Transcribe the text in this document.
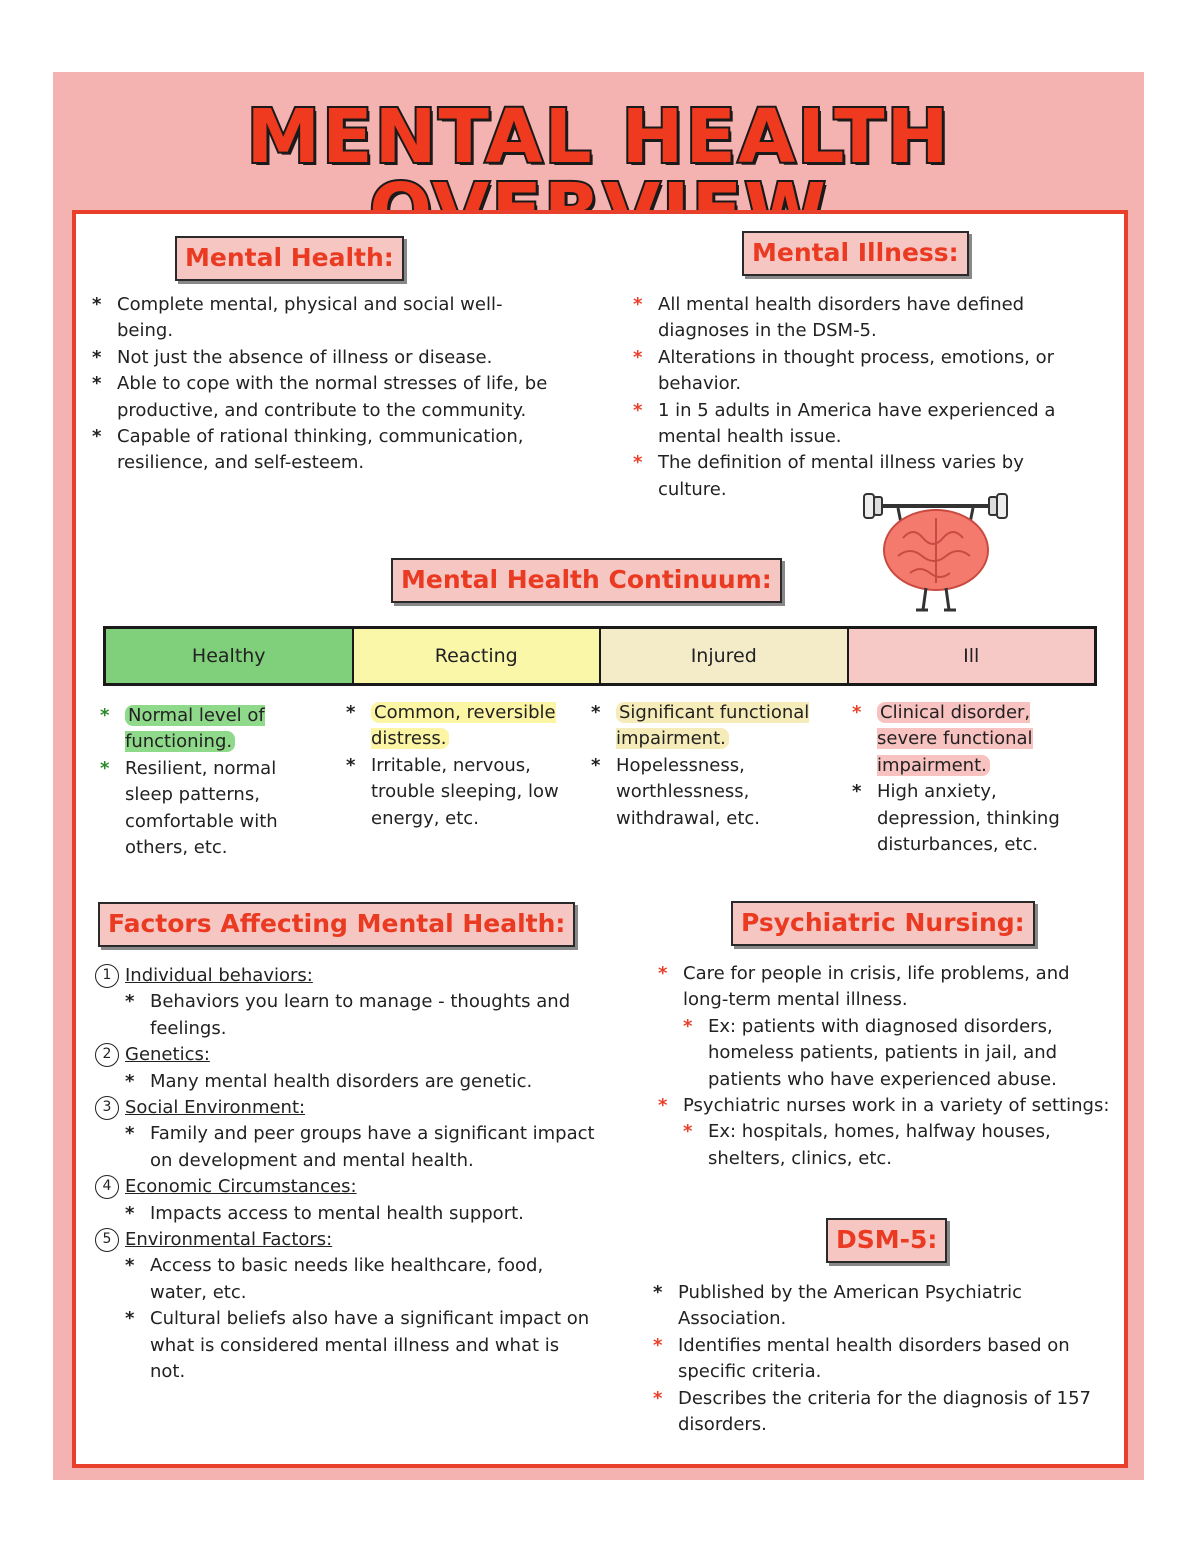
MENTAL HEALTH
Mental Health:
* Complete mental, physical and social well-being.
* Not just the absence of illness or disease.
* Able to cope with the normal stresses of life, be productive, and contribute to the community.
* Capable of rational thinking, communication, resilience, and self-esteem.
Mental Illness:
* All mental health disorders have defined diagnoses in the DSM-5.
* Alterations in thought process, emotions, or behavior.
* 1 in 5 adults in America have experienced a mental health issue.
* The definition of mental illness varies by culture.
Mental Health Continuum:
Healthy	Reacting	Injured	Ill
* Normal level of functioning.
* Resilient, normal sleep patterns, comfortable with others, etc.
* Common, reversible distress.
* Irritable, nervous, trouble sleeping, low energy, etc.
* Significant functional impairment.
* Hopelessness, worthlessness, withdrawal, etc.
* Clinical disorder, severe functional impairment.
* High anxiety, depression, thinking disturbances, etc.
Factors Affecting Mental Health:
1 Individual behaviors:
* Behaviors you learn to manage - thoughts and feelings.
2 Genetics:
* Many mental health disorders are genetic.
3 Social Environment:
* Family and peer groups have a significant impact on development and mental health.
4 Economic Circumstances:
* Impacts access to mental health support.
5 Environmental Factors:
* Access to basic needs like healthcare, food, water, etc.
* Cultural beliefs also have a significant impact on what is considered mental illness and what is not.
Psychiatric Nursing:
* Care for people in crisis, life problems, and long-term mental illness.
* Ex: patients with diagnosed disorders, homeless patients, patients in jail, and patients who have experienced abuse.
* Psychiatric nurses work in a variety of settings:
* Ex: hospitals, homes, halfway houses, shelters, clinics, etc.
DSM-5:
* Published by the American Psychiatric Association.
* Identifies mental health disorders based on specific criteria.
* Describes the criteria for the diagnosis of 157 disorders.
